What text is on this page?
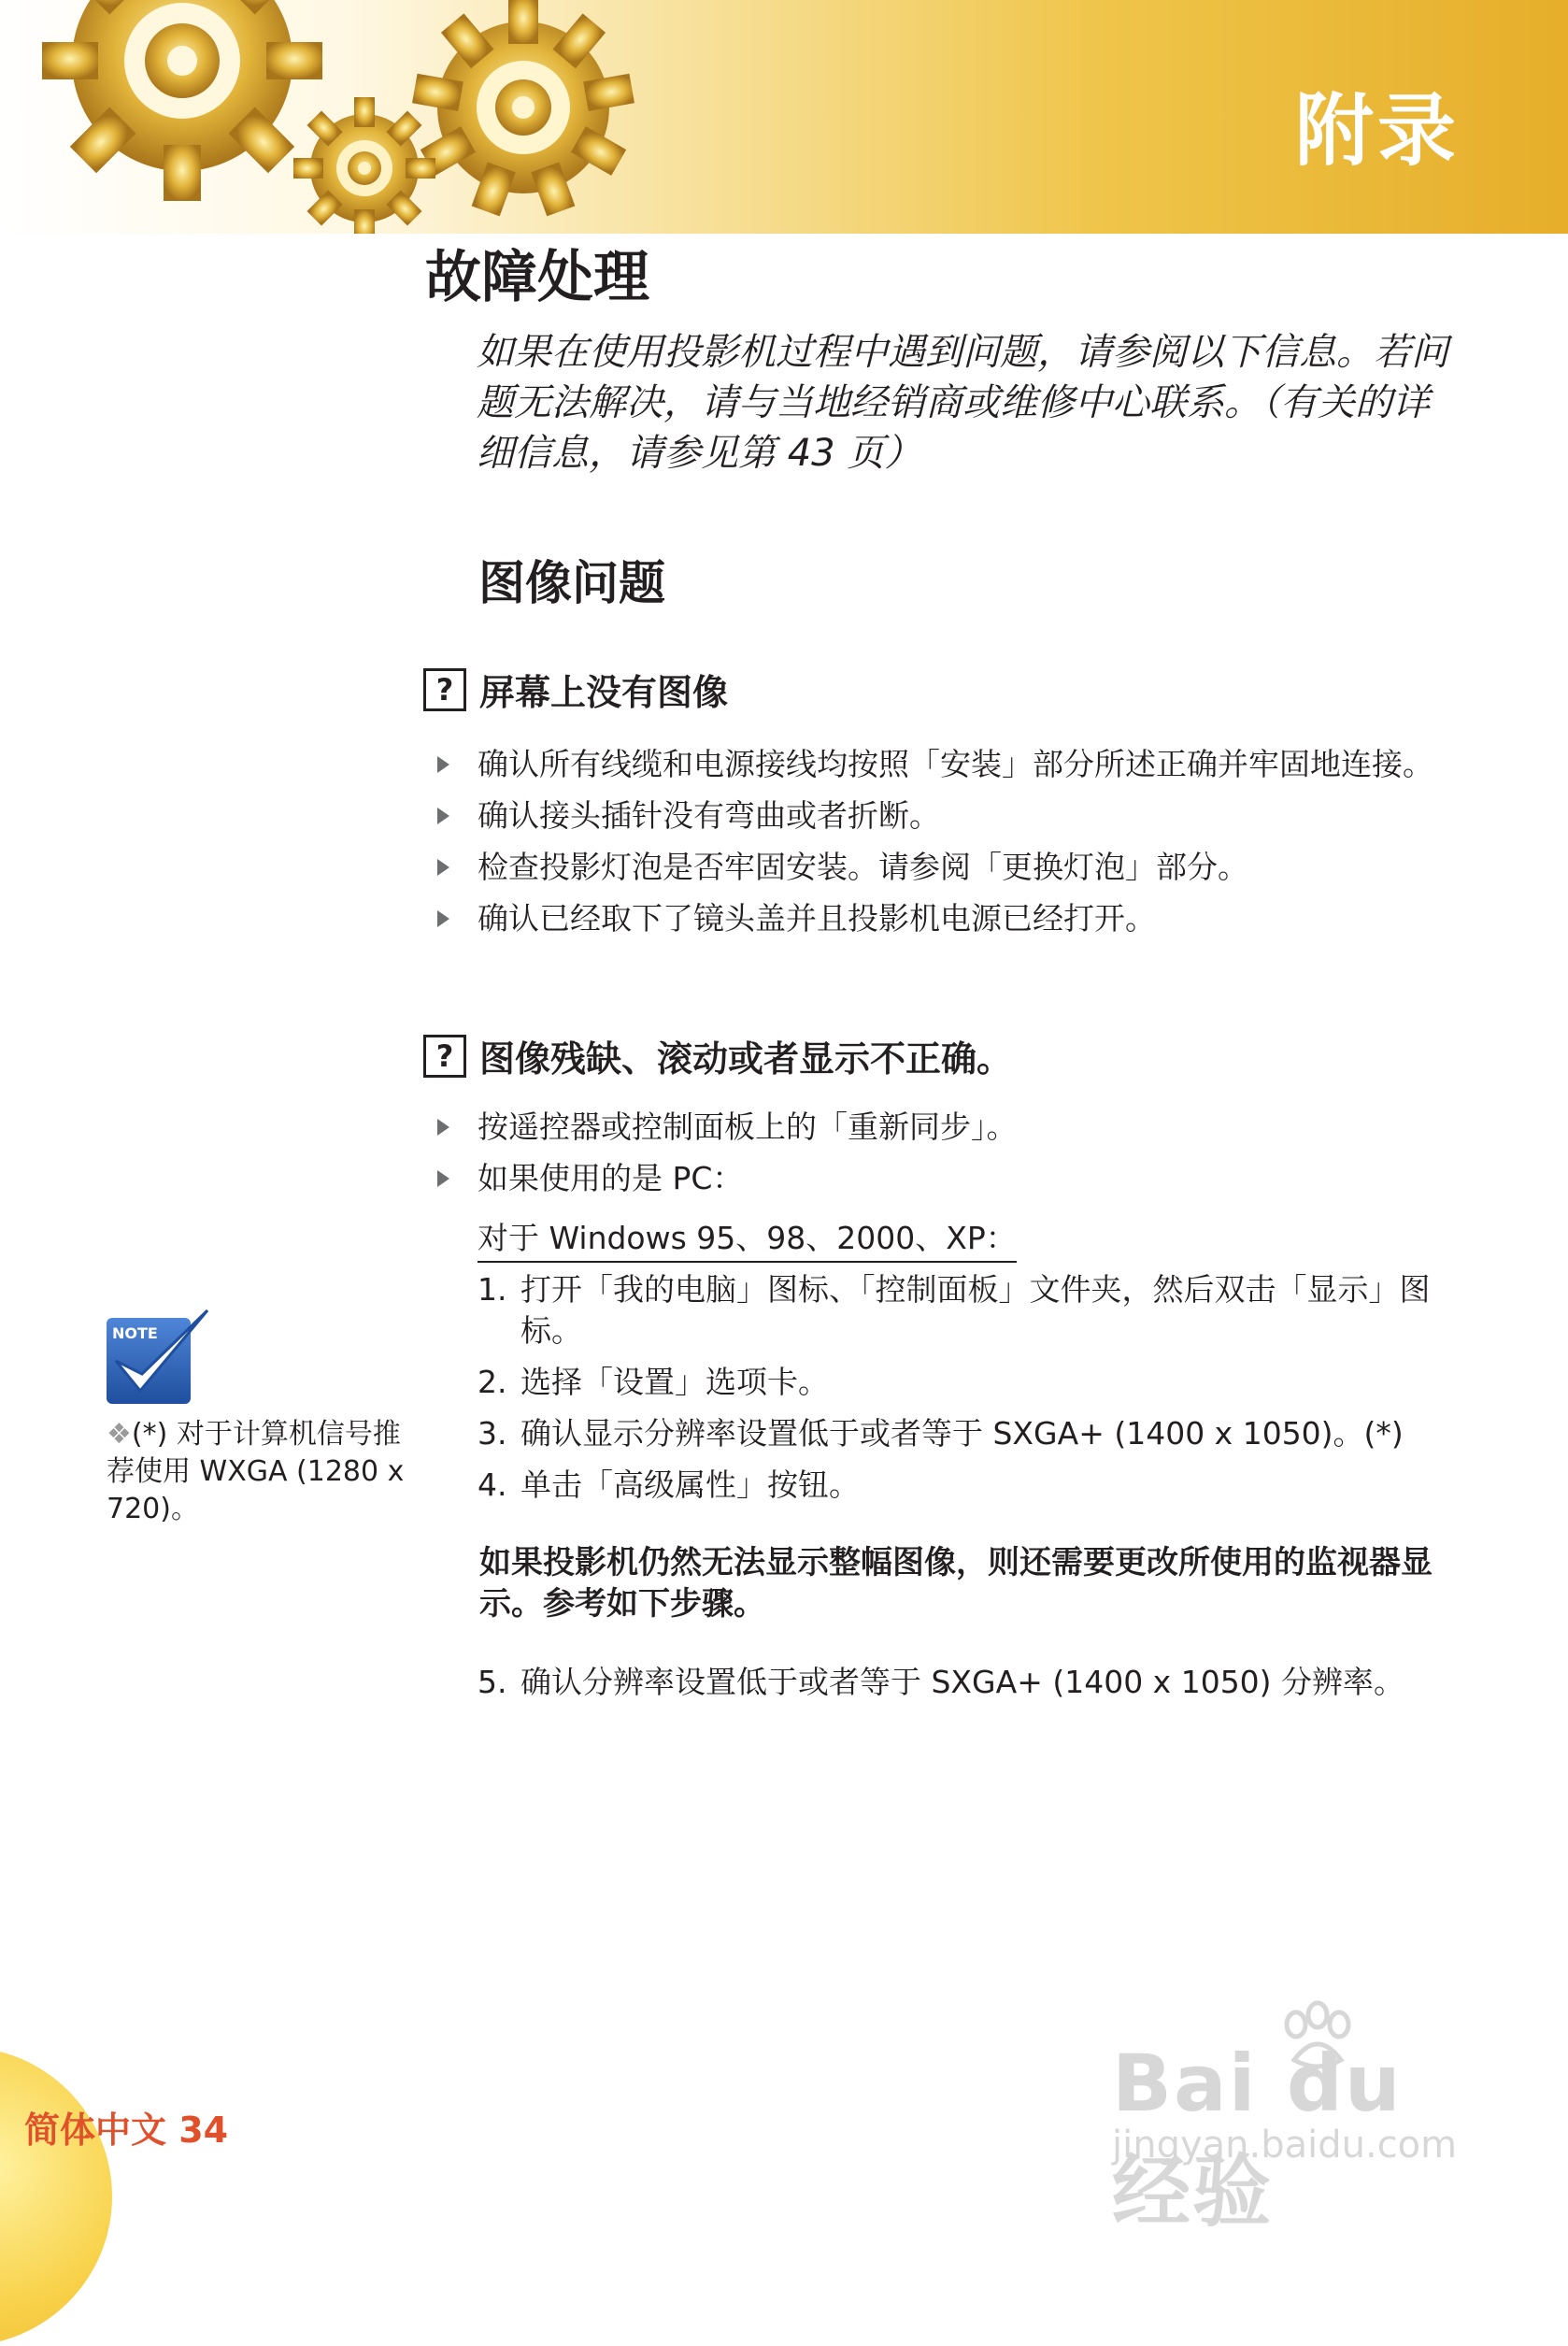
附录
故障处理

如果在使用投影机过程中遇到问题，请参阅以下信息。若问题无法解决，请与当地经销商或维修中心联系。（有关的详细信息，请参见第 43 页）

图像问题
? 屏幕上没有图像
确认所有线缆和电源接线均按照「安装」部分所述正确并牢固地连接。
确认接头插针没有弯曲或者折断。
检查投影灯泡是否牢固安装。请参阅「更换灯泡」部分。
确认已经取下了镜头盖并且投影机电源已经打开。
? 图像残缺、滚动或者显示不正确。
按遥控器或控制面板上的「重新同步」。
如果使用的是 PC：
对于 Windows 95、98、2000、XP：
1. 打开「我的电脑」图标、「控制面板」文件夹，然后双击「显示」图标。
2. 选择「设置」选项卡。
3. 确认显示分辨率设置低于或者等于 SXGA+ (1400 x 1050)。(*)
4. 单击「高级属性」按钮。

如果投影机仍然无法显示整幅图像，则还需要更改所使用的监视器显示。参考如下步骤。

5. 确认分辨率设置低于或者等于 SXGA+ (1400 x 1050) 分辨率。
NOTE

❖(*) 对于计算机信号推荐使用 WXGA (1280 x 720)。

简体中文 34
Bai du 经验
jingyan.baidu.com
